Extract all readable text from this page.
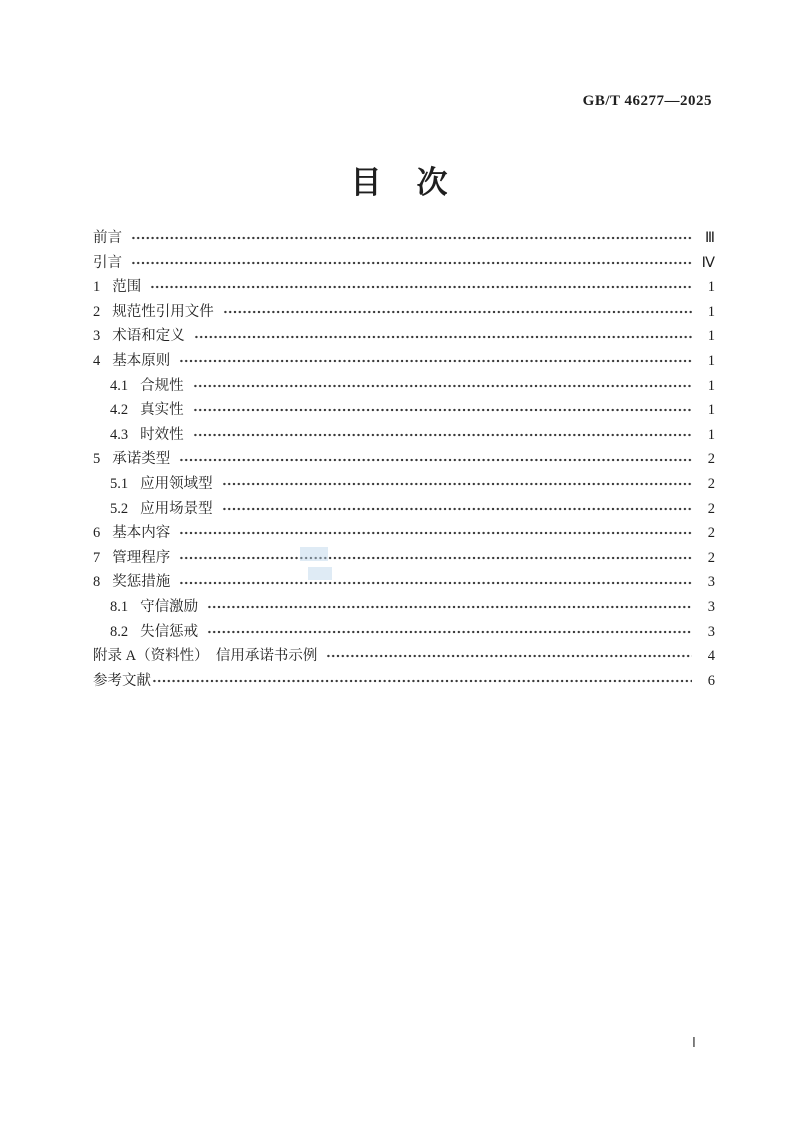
GB/T 46277—2025
目　次
前言	Ⅲ
引言	Ⅳ
1 范围	1
2 规范性引用文件	1
3 术语和定义	1
4 基本原则	1
4.1 合规性	1
4.2 真实性	1
4.3 时效性	1
5 承诺类型	2
5.1 应用领域型	2
5.2 应用场景型	2
6 基本内容	2
7 管理程序	2
8 奖惩措施	3
8.1 守信激励	3
8.2 失信惩戒	3
附录 A（资料性）　信用承诺书示例	4
参考文献	6
Ⅰ
